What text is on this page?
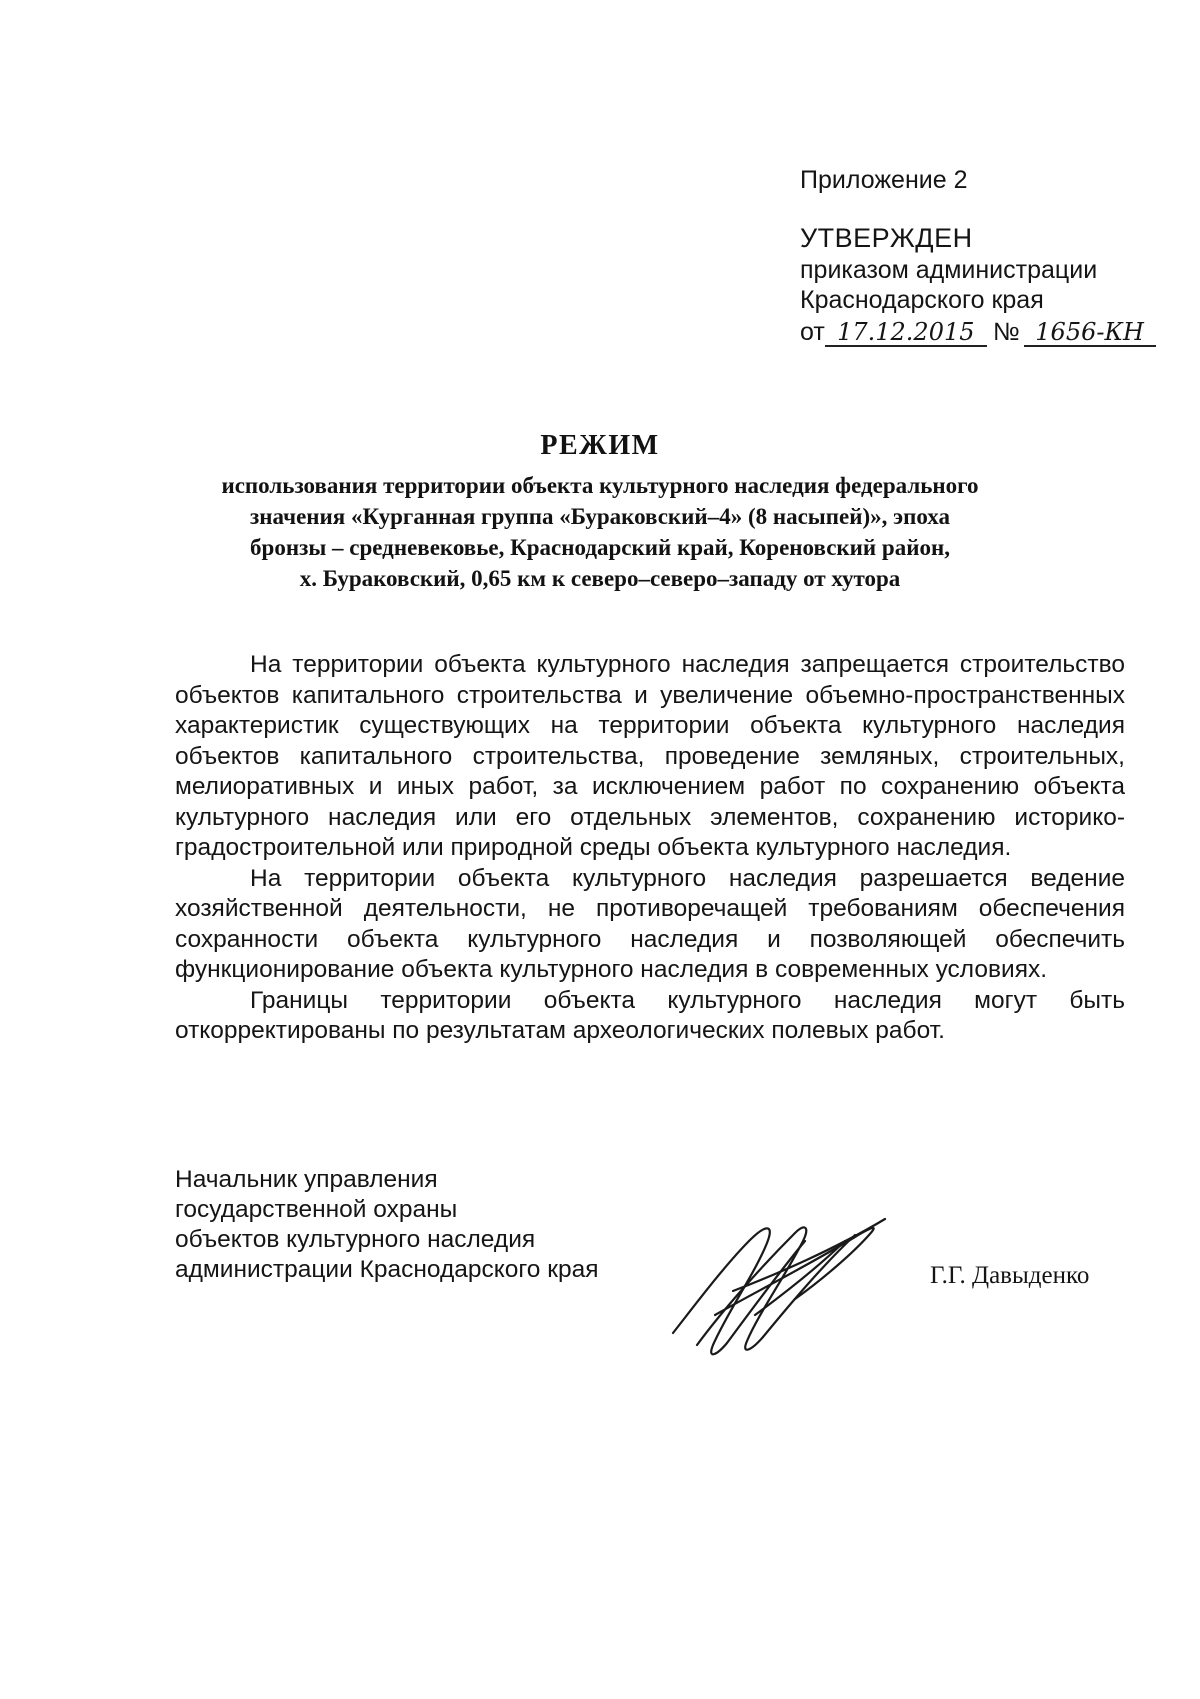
Приложение 2
УТВЕРЖДЕН
приказом администрации
Краснодарского края
от 17.12.2015 № 1656-КН
РЕЖИМ
использования территории объекта культурного наследия федерального
значения «Курганная группа «Бураковский–4» (8 насыпей)», эпоха
бронзы – средневековье, Краснодарский край, Кореновский район,
х. Бураковский, 0,65 км к северо–северо–западу от хутора

На территории объекта культурного наследия запрещается строительство объектов капитального строительства и увеличение объемно-пространственных характеристик существующих на территории объекта культурного наследия объектов капитального строительства, проведение земляных, строительных, мелиоративных и иных работ, за исключением работ по сохранению объекта культурного наследия или его отдельных элементов, сохранению историко-градостроительной или природной среды объекта культурного наследия.

На территории объекта культурного наследия разрешается ведение хозяйственной деятельности, не противоречащей требованиям обеспечения сохранности объекта культурного наследия и позволяющей обеспечить функционирование объекта культурного наследия в современных условиях.

Границы территории объекта культурного наследия могут быть откорректированы по результатам археологических полевых работ.

Начальник управления
государственной охраны
объектов культурного наследия
администрации Краснодарского края	Г.Г. Давыденко
